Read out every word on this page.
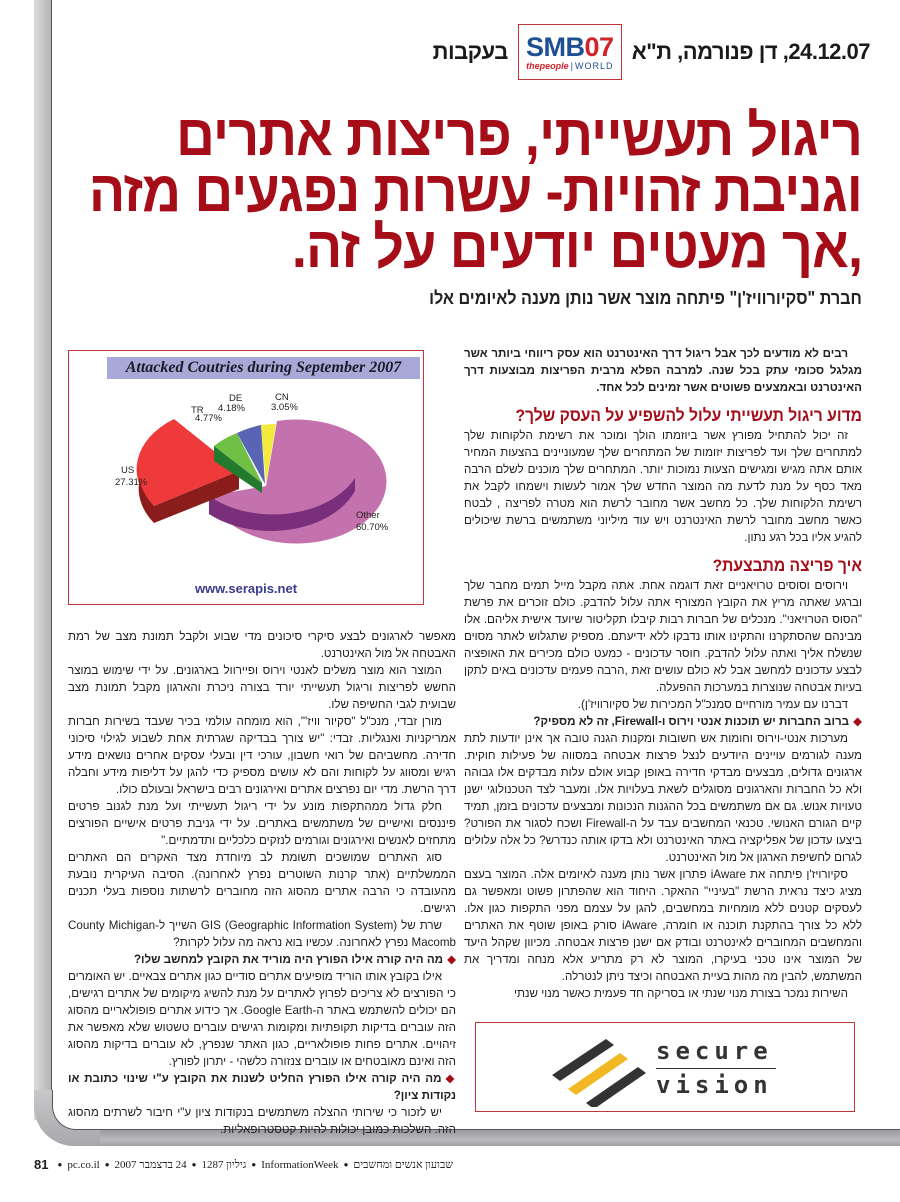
בעקבות SMB07
thepeople | WORLD
24.12.07, דן פנורמה, ת"א
ריגול תעשייתי, פריצות אתרים
וגניבת זהויות- עשרות נפגעים מזה
,אך מעטים יודעים על זה.
חברת "סקיורוויז'ן" פיתחה מוצר אשר נותן מענה לאיומים אלו

רבים לא מודעים לכך אבל ריגול דרך האינטרנט הוא עסק ריווחי ביותר אשר מגלגל סכומי עתק בכל שנה. למרבה הפלא מרבית הפריצות מבוצעות דרך האינטרנט ובאמצעים פשוטים אשר זמינים לכל אחד.

מדוע ריגול תעשייתי עלול להשפיע על העסק שלך?

זה יכול להתחיל מפורץ אשר ביוזמתו הולך ומוכר את רשימת הלקוחות שלך למתחרים שלך ועד לפריצות יזומות של המתחרים שלך שמעוניינים בהצעות המחיר אותם אתה מגיש ומגישים הצעות נמוכות יותר. המתחרים שלך מוכנים לשלם הרבה מאד כסף על מנת לדעת מה המוצר החדש שלך אמור לעשות וישמחו לקבל את רשימת הלקוחות שלך. כל מחשב אשר מחובר לרשת הוא מטרה לפריצה , לבטח כאשר מחשב מחובר לרשת האינטרנט ויש עוד מיליוני משתמשים ברשת שיכולים להגיע אליו בכל רגע נתון.

איך פריצה מתבצעת?

וירוסים וסוסים טרויאניים זאת דוגמה אחת. אתה מקבל מייל תמים מחבר שלך וברגע שאתה מריץ את הקובץ המצורף אתה עלול להדבק. כולם זוכרים את פרשת "הסוס הטרויאני". מנכלים של חברות רבות קיבלו תקליטור שיועד אישית אליהם. אלו מבינהם שהסתקרנו והתקינו אותו נדבקו ללא ידיעתם. מספיק שתגלוש לאתר מסוים שנשלח אליך ואתה עלול להדבק. חוסר עדכונים - כמעט כולם מכירים את האופציה לבצע עדכונים למחשב אבל לא כולם עושים זאת ,הרבה פעמים עדכונים באים לתקן בעיות אבטחה שנוצרות במערכות ההפעלה.

דברנו עם עמיר מורחיים סמנכ"ל המכירות של סקיורוויז'ן).

◆ברוב החברות יש תוכנות אנטי וירוס ו-Firewall, זה לא מספיק?

מערכות אנטי-וירוס וחומות אש חשובות ומקנות הגנה טובה אך אינן יודעות לתת מענה לגורמים עויינים היודעים לנצל פרצות אבטחה במסווה של פעילות חוקית. ארגונים גדולים, מבצעים מבדקי חדירה באופן קבוע אולם עלות מבדקים אלו גבוהה ולא כל החברות והארגונים מסוגלים לשאת בעלויות אלו. ומעבר לצד הטכנולוגי ישנן טעויות אנוש. גם אם משתמשים בכל ההגנות הנכונות ומבצעים עדכונים בזמן, תמיד קיים הגורם האנושי. טכנאי המחשבים עבד על ה-Firewall ושכח לסגור את הפורט? ביצעו עדכון של אפליקציה באתר האינטרנט ולא בדקו אותה כנדרש? כל אלה עלולים לגרום לחשיפת הארגון אל מול האינטרנט.

סקיורויז'ן פיתחה את iAware פתרון אשר נותן מענה לאיומים אלה. המוצר בעצם מציג כיצד נראית הרשת "בעיניי" ההאקר. היחוד הוא שהפתרון פשוט ומאפשר גם לעסקים קטנים ללא מומחיות במחשבים, להגן על עצמם מפני התקפות כגון אלו. ללא כל צורך בהתקנת תוכנה או חומרה, iAware סורק באופן שוטף את האתרים והמחשבים המחוברים לאינטרנט ובודק אם ישנן פרצות אבטחה. מכיוון שקהל היעד של המוצר אינו טכני בעיקרו, המוצר לא רק מתריע אלא מנחה ומדריך את המשתמש, להבין מה מהות בעיית האבטחה וכיצד ניתן לנטרלה.

השירות נמכר בצורת מנוי שנתי או בסריקה חד פעמית כאשר מנוי שנתי

Attacked Coutries during September 2007
US
27.31%
TR
4.77%
DE
4.18%
CN
3.05%
Other
60.70%
www.serapis.net

מאפשר לארגונים לבצע סיקרי סיכונים מדי שבוע ולקבל תמונת מצב של רמת האבטחה אל מול האינטרנט.

המוצר הוא מוצר משלים לאנטי וירוס ופיירוול בארגונים. על ידי שימוש במוצר החשש לפריצות וריגול תעשייתי יורד בצורה ניכרת והארגון מקבל תמונת מצב שבועית לגבי החשיפה שלו.

מורן זבדי, מנכ"ל "סקיור וויז'", הוא מומחה עולמי בכיר שעבד בשירות חברות אמריקניות ואנגליות. זבדי: "יש צורך בבדיקה שגרתית אחת לשבוע לגילוי סיכוני חדירה. מחשביהם של רואי חשבון, עורכי דין ובעלי עסקים אחרים נושאים מידע רגיש ומסווג על לקוחות והם לא עושים מספיק כדי להגן על דליפות מידע וחבלה דרך הרשת. מדי יום נפרצים אתרים ואירגונים רבים בישראל ובעולם כולו.

חלק גדול ממהתקפות מונע על ידי ריגול תעשייתי ועל מנת לגנוב פרטים פיננסים ואישיים של משתמשים באתרים. על ידי גניבת פרטים אישיים הפורצים מתחזים לאנשים ואירגונים וגורמים לנזקים כלכליים ותדמתיים."

סוג האתרים שמושכים תשומת לב מיוחדת מצד האקרים הם האתרים הממשלתיים (אתר קרנות השוטרים נפרץ לאחרונה). הסיבה העיקרית נובעת מהעובדה כי הרבה אתרים מהסוג הזה מחוברים לרשתות נוספות בעלי תכנים רגישים.

שרת של GIS (Geographic Information System) השייך ל-County Michigan Macomb נפרץ לאחרונה. עכשיו בוא נראה מה עלול לקרות?

◆מה היה קורה אילו הפורץ היה מוריד את הקובץ למחשב שלו?

אילו בקובץ אותו הוריד מופיעים אתרים סודיים כגון אתרים צבאיים. יש האומרים כי הפורצים לא צריכים לפרוץ לאתרים על מנת להשיג מיקומים של אתרים רגישים, הם יכולים להשתמש באתר ה-Google Earth. אך כידוע אתרים פופולאריים מהסוג הזה עוברים בדיקות תקופתיות ומקומות רגישים עוברים טשטוש שלא מאפשר את זיהויים. אתרים פחות פופולאריים, כגון האתר שנפרץ, לא עוברים בדיקות מהסוג הזה ואינם מאובטחים או עוברים צנזורה כלשהי - יתרון לפורץ.

◆מה היה קורה אילו הפורץ החליט לשנות את הקובץ ע"י שינוי כתובת או נקודות ציון?

יש לזכור כי שירותי ההצלה משתמשים בנקודות ציון ע"י חיבור לשרתים מהסוג הזה. השלכות כמובן יכולות להיות קטסטרופאליות.

secure
vision
81 ● pc.co.il ● 24 בדצמבר 2007 ● גיליון 1287 ● InformationWeek ● שבועון אנשים ומחשבים
